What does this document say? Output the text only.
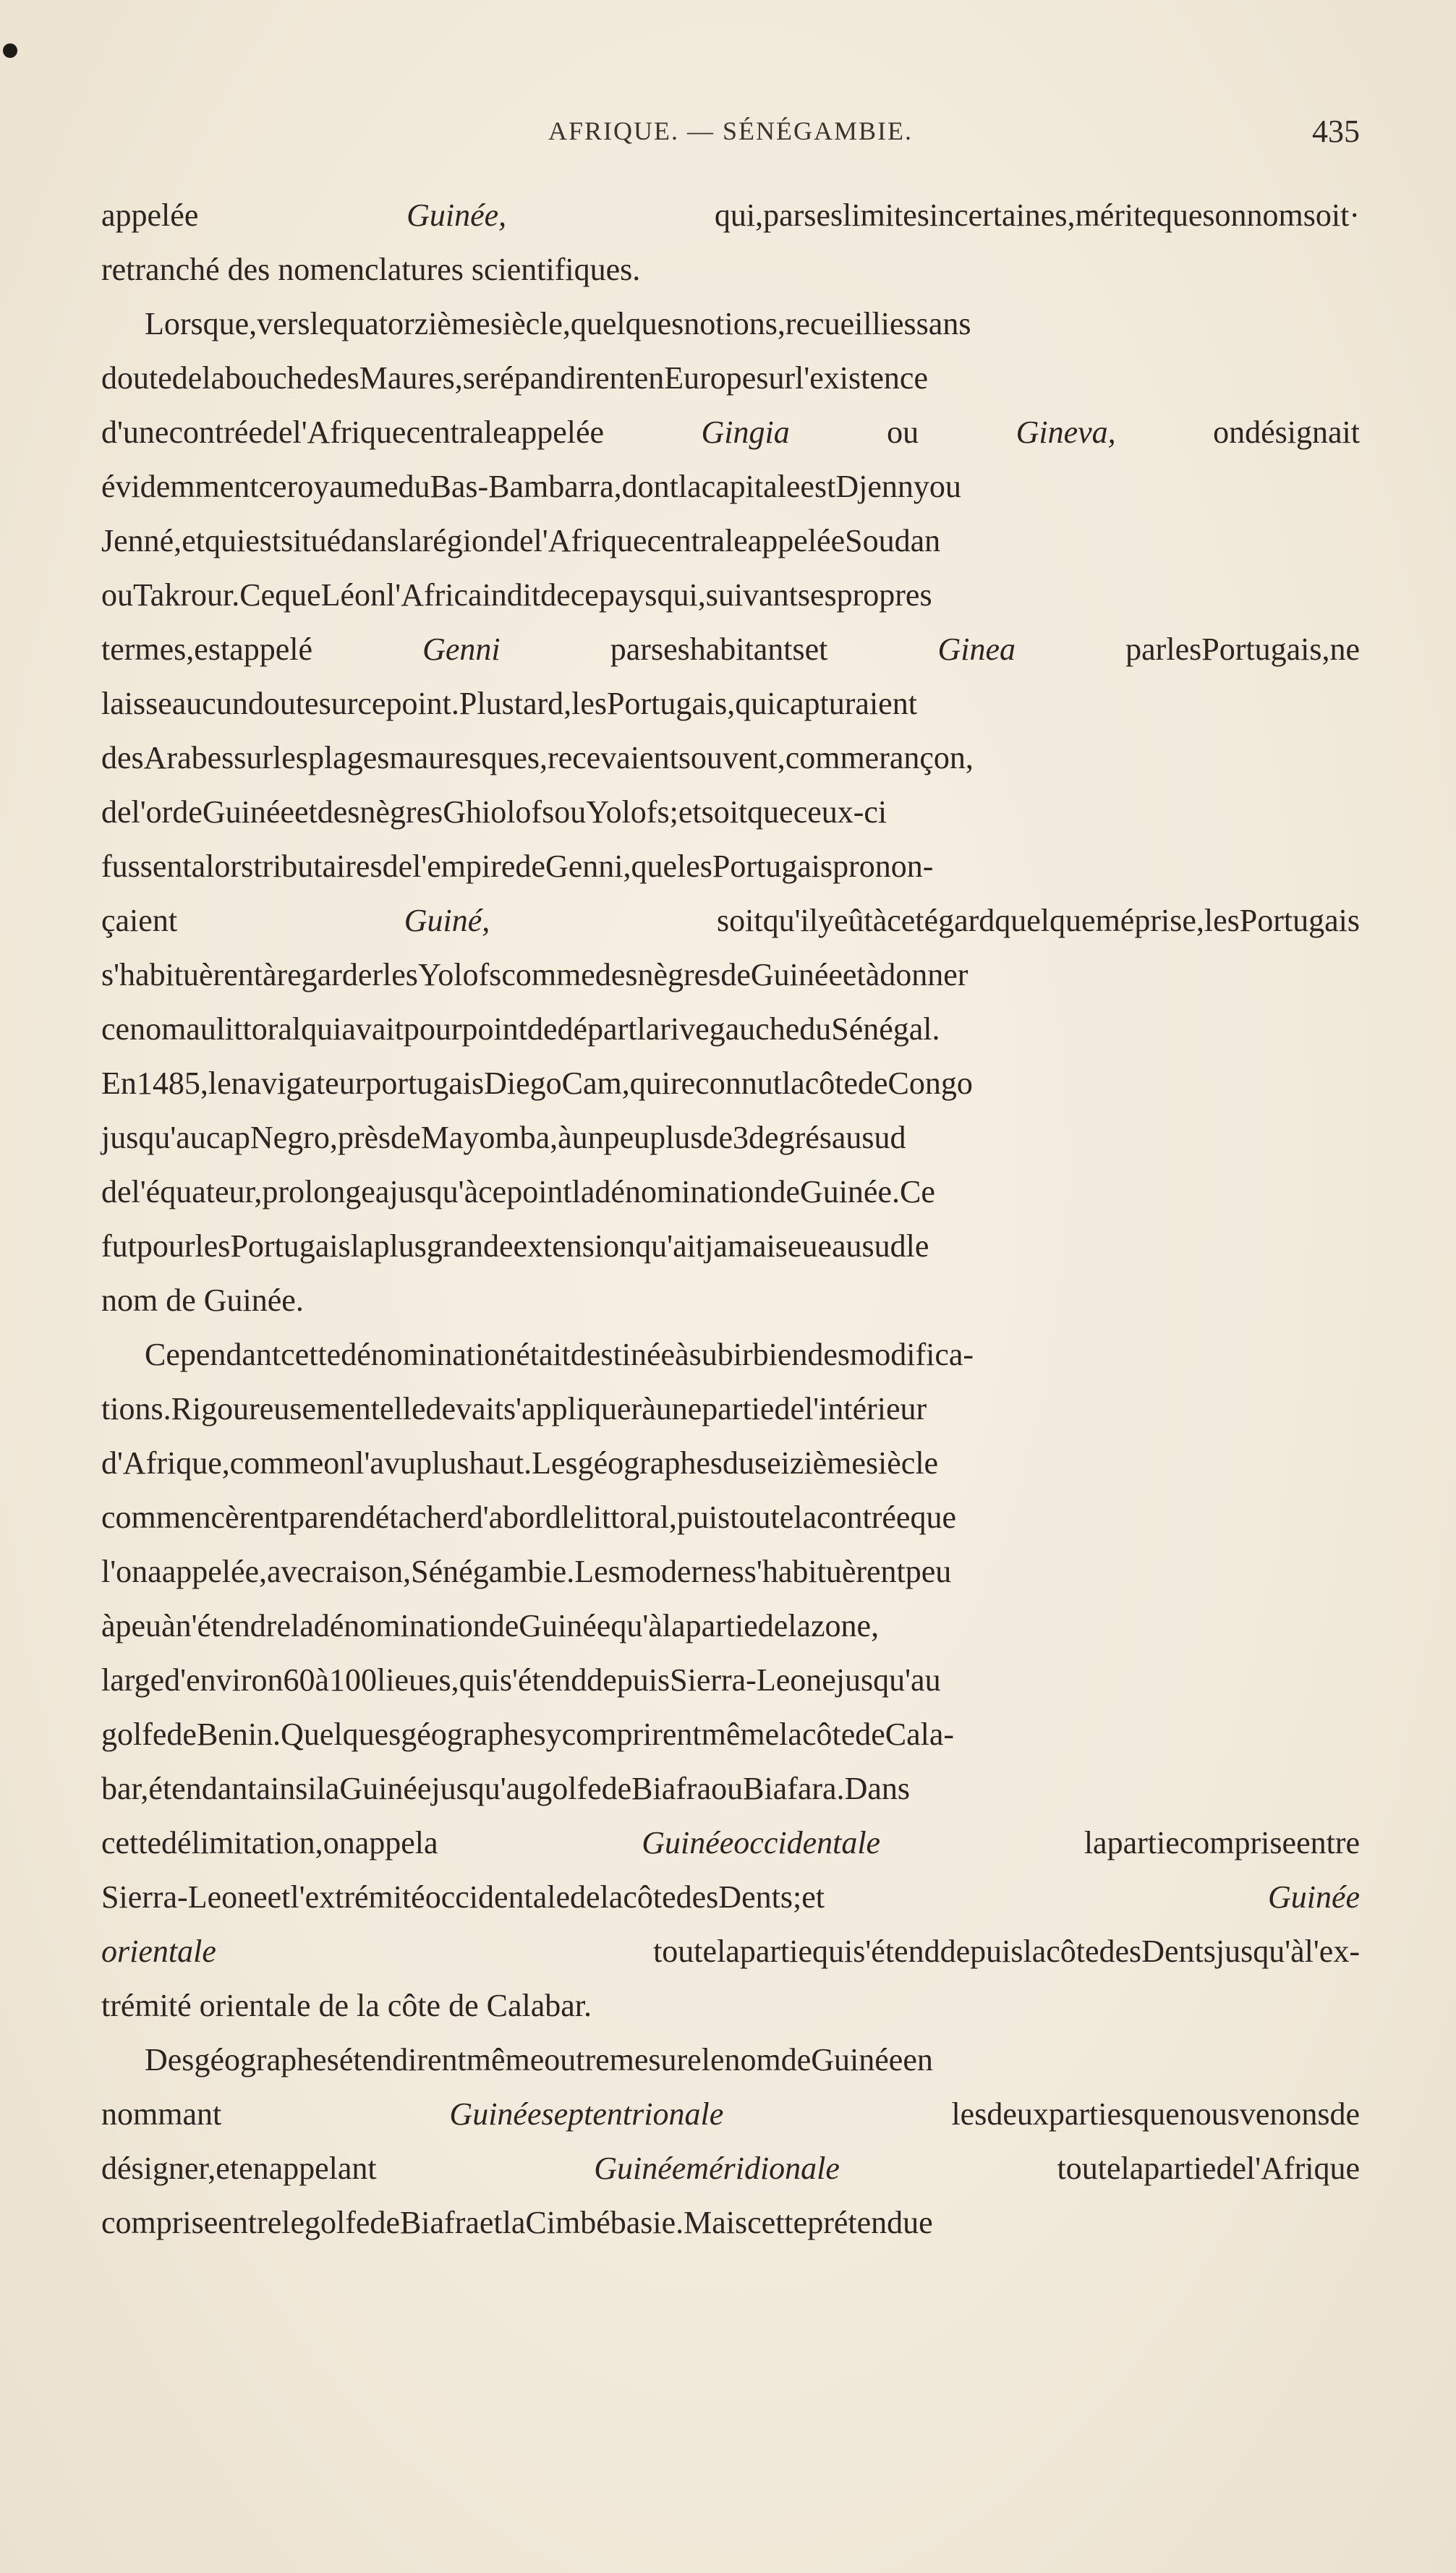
AFRIQUE. — SÉNÉGAMBIE.	435
appelée	Guinée,	qui,parseslimitesincertaines,méritequesonnomsoit·
retranché des nomenclatures scientifiques.
Lorsque,verslequatorzièmesiècle,quelquesnotions,recueilliessans
doutedelabouchedesMaures,serépandirentenEuropesurl'existence
d'unecontréedel'Afriquecentraleappelée	Gingia	ou	Gineva,	ondésignait
évidemmentceroyaumeduBas-Bambarra,dontlacapitaleestDjennyou
Jenné,etquiestsituédanslarégiondel'AfriquecentraleappeléeSoudan
ouTakrour.CequeLéonl'Africainditdecepaysqui,suivantsespropres
termes,estappelé	Genni	parseshabitantset	Ginea	parlesPortugais,ne
laisseaucundoutesurcepoint.Plustard,lesPortugais,quicapturaient
desArabessurlesplagesmauresques,recevaientsouvent,commerançon,
del'ordeGuinéeetdesnègresGhiolofsouYolofs;etsoitqueceux-ci
fussentalorstributairesdel'empiredeGenni,quelesPortugaispronon-
çaient	Guiné,	soitqu'ilyeûtàcetégardquelqueméprise,lesPortugais
s'habituèrentàregarderlesYolofscommedesnègresdeGuinéeetàdonner
cenomaulittoralquiavaitpourpointdedépartlarivegaucheduSénégal.
En1485,lenavigateurportugaisDiegoCam,quireconnutlacôtedeCongo
jusqu'aucapNegro,prèsdeMayomba,àunpeuplusde3degrésausud
del'équateur,prolongeajusqu'àcepointladénominationdeGuinée.Ce
futpourlesPortugaislaplusgrandeextensionqu'aitjamaiseueausudle
nom de Guinée.
Cependantcettedénominationétaitdestinéeàsubirbiendesmodifica-
tions.Rigoureusementelledevaits'appliqueràunepartiedel'intérieur
d'Afrique,commeonl'avuplushaut.Lesgéographesduseizièmesiècle
commencèrentparendétacherd'abordlelittoral,puistoutelacontréeque
l'onaappelée,avecraison,Sénégambie.Lesmoderness'habituèrentpeu
àpeuàn'étendreladénominationdeGuinéequ'àlapartiedelazone,
larged'environ60à100lieues,quis'étenddepuisSierra-Leonejusqu'au
golfedeBenin.QuelquesgéographesycomprirentmêmelacôtedeCala-
bar,étendantainsilaGuinéejusqu'augolfedeBiafraouBiafara.Dans
cettedélimitation,onappela	Guinéeoccidentale	lapartiecompriseentre
Sierra-Leoneetl'extrémitéoccidentaledelacôtedesDents;et	Guinée
orientale	toutelapartiequis'étenddepuislacôtedesDentsjusqu'àl'ex-
trémité orientale de la côte de Calabar.
DesgéographesétendirentmêmeoutremesurelenomdeGuinéeen
nommant	Guinéeseptentrionale	lesdeuxpartiesquenousvenonsde
désigner,etenappelant	Guinéeméridionale	toutelapartiedel'Afrique
compriseentrelegolfedeBiafraetlaCimbébasie.Maiscetteprétendue
